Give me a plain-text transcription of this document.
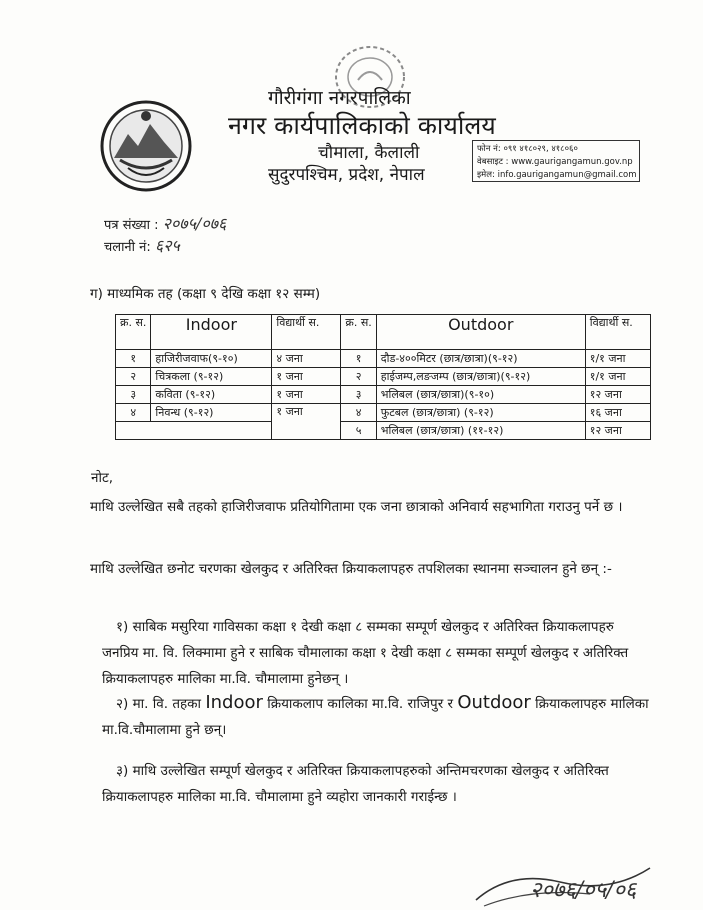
गौरीगंगा नगरपालिका
नगर कार्यपालिकाको कार्यालय
चौमाला, कैलाली
सुदुरपश्चिम, प्रदेश, नेपाल
फोन नं: ०९१ ४१८०२९, ४१८०६०
वेबसाइट : www.gaurigangamun.gov.np
इमेल: info.gaurigangamun@gmail.com
पत्र संख्या : २०७५/०७६
चलानी नं: ६२५
ग) माध्यमिक तह (कक्षा ९ देखि कक्षा १२ सम्म)
क्र. स.	Indoor	विद्यार्थी स.	क्र. स.	Outdoor	विद्यार्थी स.
१	हाजिरीजवाफ(९-१०)	४ जना	१	दौड-४००मिटर (छात्र/छात्रा)(९-१२)	१/१ जना
२	चित्रकला (९-१२)	१ जना	२	हाईजम्प,लङजम्प (छात्र/छात्रा)(९-१२)	१/१ जना
३	कविता (९-१२)	१ जना	३	भलिबल (छात्र/छात्रा)(९-१०)	१२ जना
४	निवन्ध (९-१२)	१ जना	४	फुटबल (छात्र/छात्रा) (९-१२)	१६ जना
			५	भलिबल (छात्र/छात्रा) (११-१२)	१२ जना
नोट,
माथि उल्लेखित सबै तहको हाजिरीजवाफ प्रतियोगितामा एक जना छात्राको अनिवार्य सहभागिता गराउनु पर्ने छ ।
माथि उल्लेखित छनोट चरणका खेलकुद र अतिरिक्त क्रियाकलापहरु तपशिलका स्थानमा सञ्चालन हुने छन् :-
१) साबिक मसुरिया गाविसका कक्षा १ देखी कक्षा ८ सम्मका सम्पूर्ण खेलकुद र अतिरिक्त क्रियाकलापहरु जनप्रिय मा. वि. लिक्मामा हुने र साबिक चौमालाका कक्षा १ देखी कक्षा ८ सम्मका सम्पूर्ण खेलकुद र अतिरिक्त क्रियाकलापहरु मालिका मा.वि. चौमालामा हुनेछन् ।
२) मा. वि. तहका Indoor क्रियाकलाप कालिका मा.वि. राजिपुर र Outdoor क्रियाकलापहरु मालिका मा.वि.चौमालामा हुने छन्।
३) माथि उल्लेखित सम्पूर्ण खेलकुद र अतिरिक्त क्रियाकलापहरुको अन्तिमचरणका खेलकुद र अतिरिक्त क्रियाकलापहरु मालिका मा.वि. चौमालामा हुने व्यहोरा जानकारी गराईन्छ ।
२०७६/०५/०६
